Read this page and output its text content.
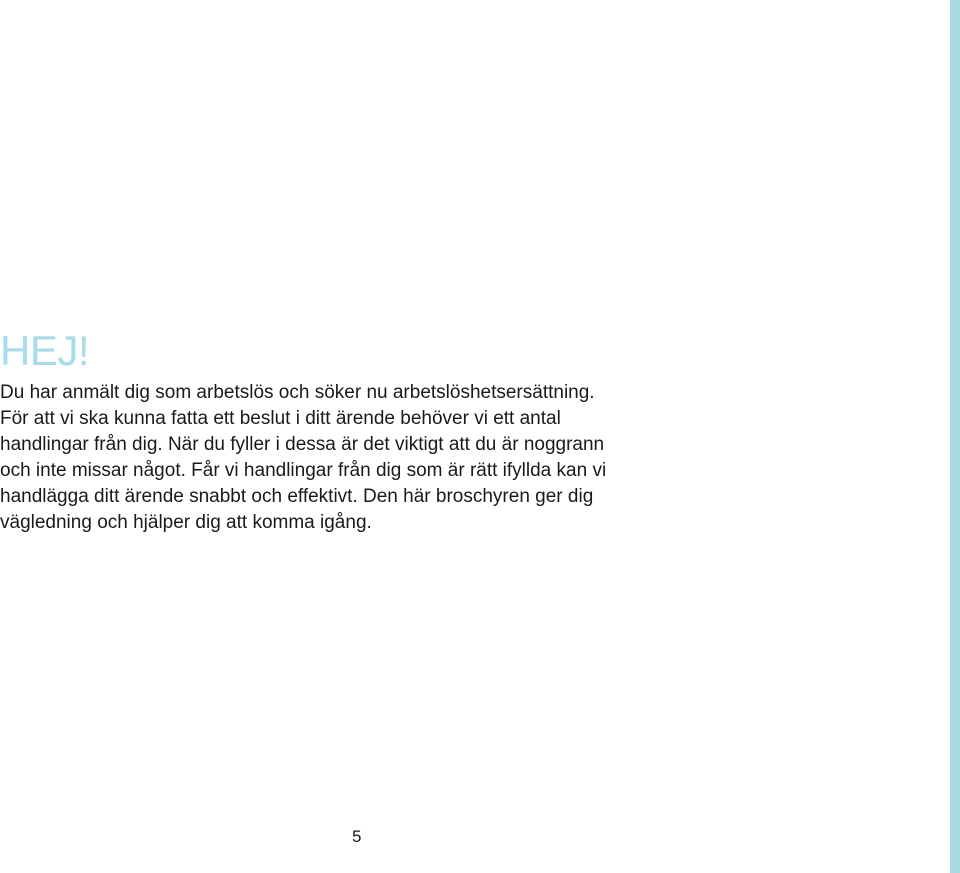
HEJ!

Du har anmält dig som arbetslös och söker nu arbetslöshetsersättning.
För att vi ska kunna fatta ett beslut i ditt ärende behöver vi ett antal
handlingar från dig. När du fyller i dessa är det viktigt att du är noggrann
och inte missar något. Får vi handlingar från dig som är rätt ifyllda kan vi
handlägga ditt ärende snabbt och effektivt. Den här broschyren ger dig
vägledning och hjälper dig att komma igång.

5
